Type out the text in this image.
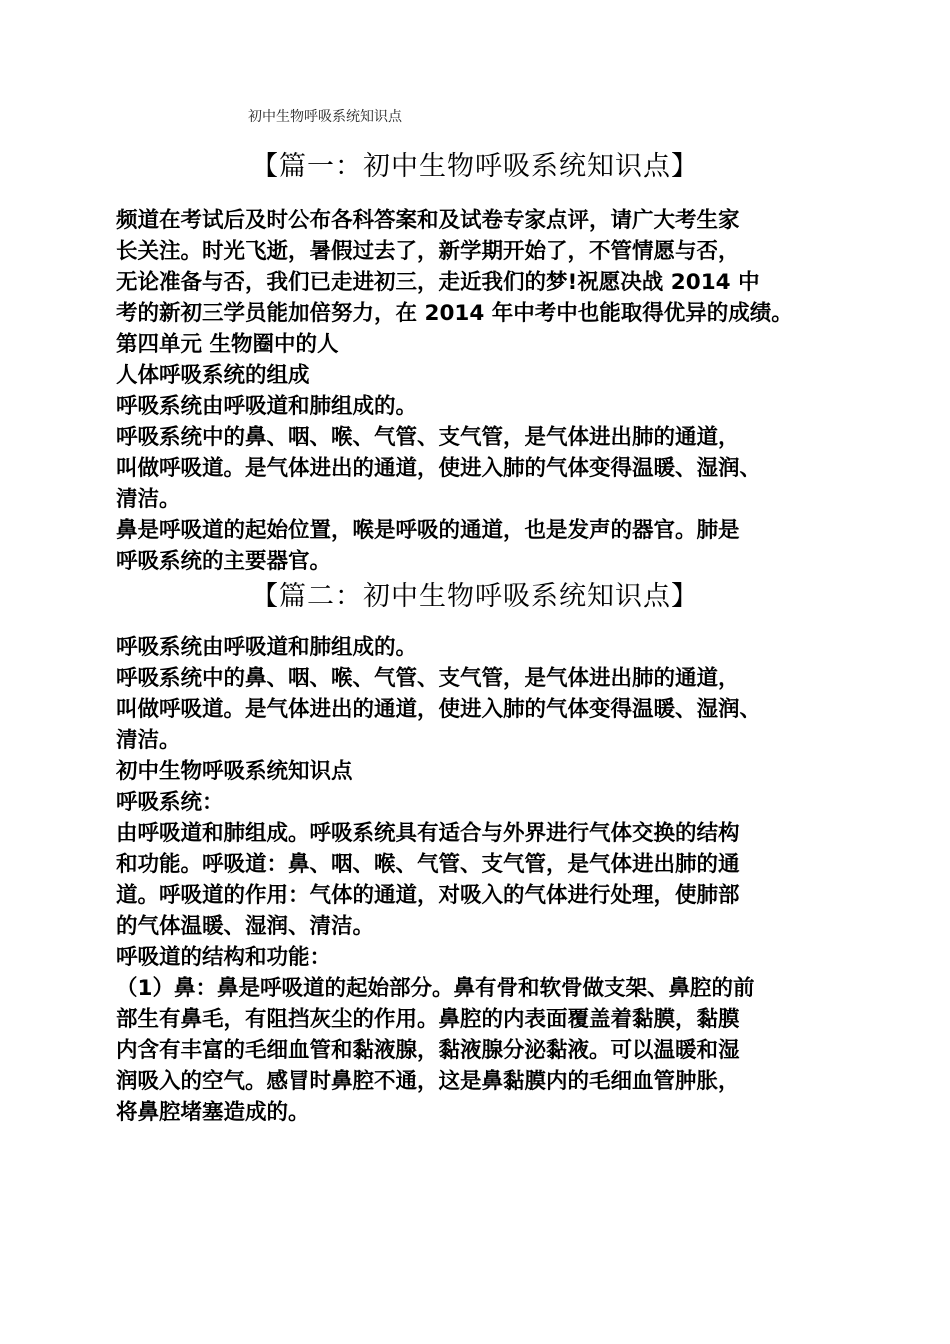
初中生物呼吸系统知识点
【篇一：初中生物呼吸系统知识点】
频道在考试后及时公布各科答案和及试卷专家点评，请广大考生家
长关注。时光飞逝，暑假过去了，新学期开始了，不管情愿与否，
无论准备与否，我们已走进初三，走近我们的梦!祝愿决战 2014 中
考的新初三学员能加倍努力，在 2014 年中考中也能取得优异的成绩。
第四单元 生物圈中的人
人体呼吸系统的组成
呼吸系统由呼吸道和肺组成的。
呼吸系统中的鼻、咽、喉、气管、支气管，是气体进出肺的通道，
叫做呼吸道。是气体进出的通道，使进入肺的气体变得温暖、湿润、
清洁。
鼻是呼吸道的起始位置，喉是呼吸的通道，也是发声的器官。肺是
呼吸系统的主要器官。
【篇二：初中生物呼吸系统知识点】
呼吸系统由呼吸道和肺组成的。
呼吸系统中的鼻、咽、喉、气管、支气管，是气体进出肺的通道，
叫做呼吸道。是气体进出的通道，使进入肺的气体变得温暖、湿润、
清洁。
初中生物呼吸系统知识点
呼吸系统：
由呼吸道和肺组成。呼吸系统具有适合与外界进行气体交换的结构
和功能。呼吸道：鼻、咽、喉、气管、支气管，是气体进出肺的通
道。呼吸道的作用：气体的通道，对吸入的气体进行处理，使肺部
的气体温暖、湿润、清洁。
呼吸道的结构和功能：
（1）鼻：鼻是呼吸道的起始部分。鼻有骨和软骨做支架、鼻腔的前
部生有鼻毛，有阻挡灰尘的作用。鼻腔的内表面覆盖着黏膜，黏膜
内含有丰富的毛细血管和黏液腺，黏液腺分泌黏液。可以温暖和湿
润吸入的空气。感冒时鼻腔不通，这是鼻黏膜内的毛细血管肿胀，
将鼻腔堵塞造成的。
